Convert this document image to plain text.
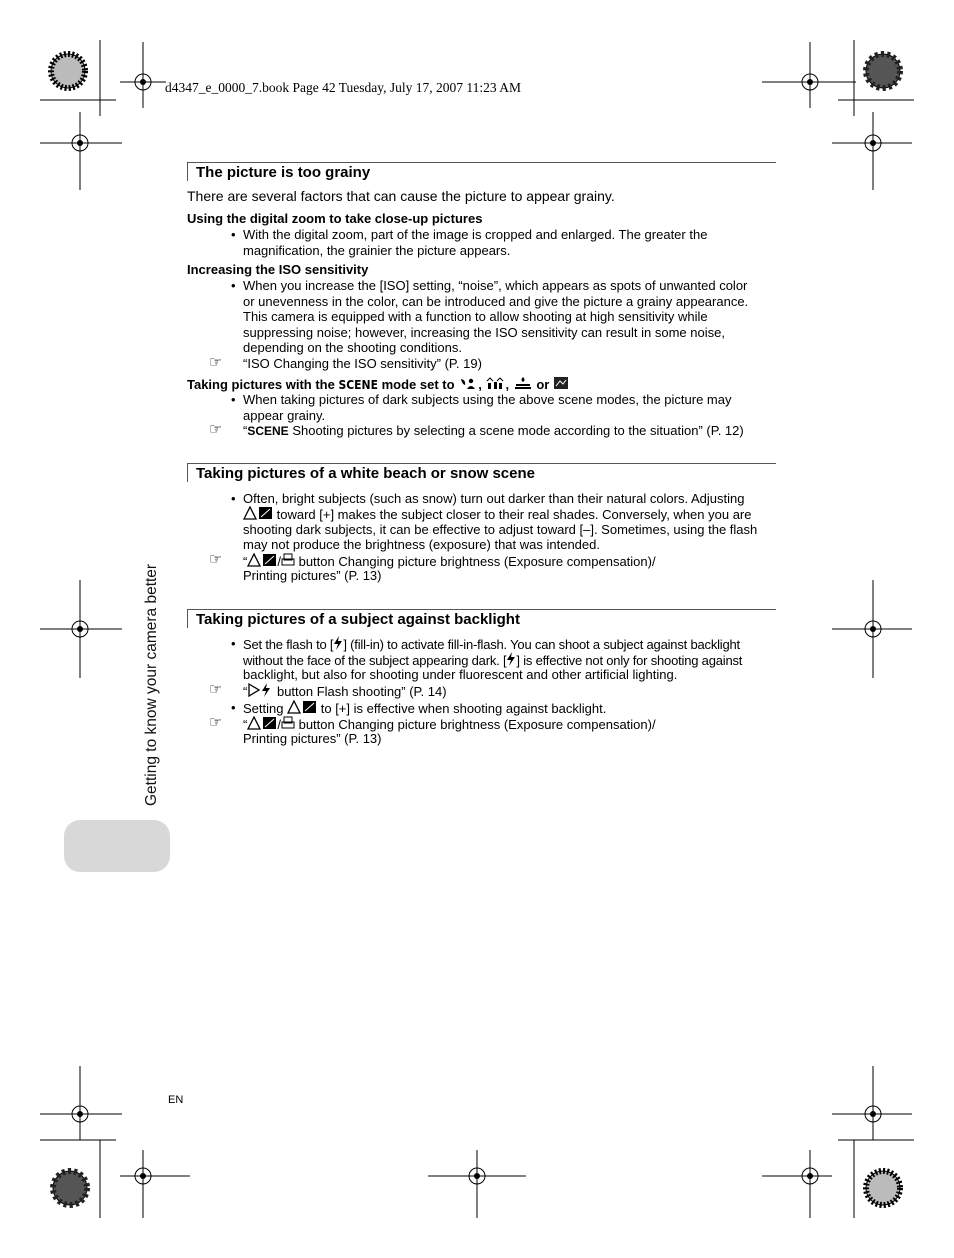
d4347_e_0000_7.book Page 42 Tuesday, July 17, 2007 11:23 AM
The picture is too grainy
There are several factors that can cause the picture to appear grainy.
Using the digital zoom to take close-up pictures
• With the digital zoom, part of the image is cropped and enlarged. The greater the magnification, the grainier the picture appears.
Increasing the ISO sensitivity
• When you increase the [ISO] setting, “noise”, which appears as spots of unwanted color
or unevenness in the color, can be introduced and give the picture a grainy appearance.
This camera is equipped with a function to allow shooting at high sensitivity while
suppressing noise; however, increasing the ISO sensitivity can result in some noise,
depending on the shooting conditions.
☞ “ISO Changing the ISO sensitivity” (P. 19)
Taking pictures with the SCENE mode set to , , or
• When taking pictures of dark subjects using the above scene modes, the picture may appear grainy.
☞ “SCENE Shooting pictures by selecting a scene mode according to the situation” (P. 12)
Taking pictures of a white beach or snow scene
• Often, bright subjects (such as snow) turn out darker than their natural colors. Adjusting
toward [+] makes the subject closer to their real shades. Conversely, when you are
shooting dark subjects, it can be effective to adjust toward [–]. Sometimes, using the flash
may not produce the brightness (exposure) that was intended.
☞ “ / button Changing picture brightness (Exposure compensation)/
Printing pictures” (P. 13)
Taking pictures of a subject against backlight
• Set the flash to [ ] (fill-in) to activate fill-in-flash. You can shoot a subject against backlight
without the face of the subject appearing dark. [ ] is effective not only for shooting against
backlight, but also for shooting under fluorescent and other artificial lighting.
☞ “ button Flash shooting” (P. 14)
• Setting	to [+] is effective when shooting against backlight.
☞ “ / button Changing picture brightness (Exposure compensation)/
Printing pictures” (P. 13)
Getting to know your camera better
EN
